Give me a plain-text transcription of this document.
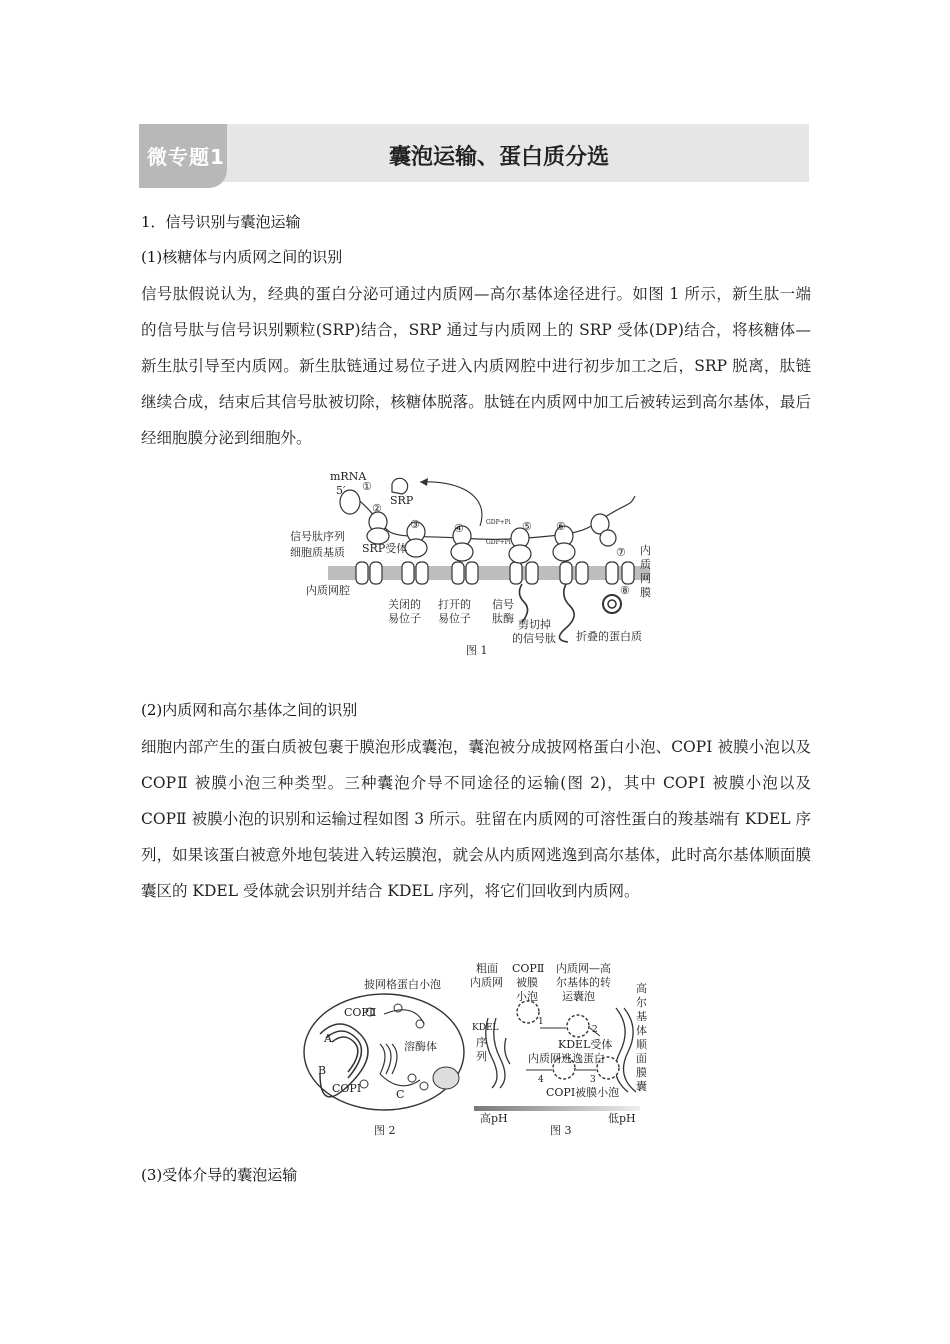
微专题1	囊泡运输、蛋白质分选
1．信号识别与囊泡运输
(1)核糖体与内质网之间的识别
信号肽假说认为，经典的蛋白分泌可通过内质网—高尔基体途径进行。如图 1 所示，新生肽一端的信号肽与信号识别颗粒(SRP)结合，SRP 通过与内质网上的 SRP 受体(DP)结合，将核糖体—新生肽引导至内质网。新生肽链通过易位子进入内质网腔中进行初步加工之后，SRP 脱离，肽链继续合成，结束后其信号肽被切除，核糖体脱落。肽链在内质网中加工后被转运到高尔基体，最后经细胞膜分泌到细胞外。
mRNA
5′
SRP
信号肽序列
细胞质基质 SRP受体
内质网腔
关闭的
易位子
打开的
易位子
信号
肽酶 剪切掉
的信号肽 折叠的蛋白质
内
质
网
膜
①
②
③	④	⑤ ⑥
⑦
⑧
图 1
GDP+Pi
GDP+Pi
(2)内质网和高尔基体之间的识别
细胞内部产生的蛋白质被包裹于膜泡形成囊泡，囊泡被分成披网格蛋白小泡、COPⅠ 被膜小泡以及 COPⅡ 被膜小泡三种类型。三种囊泡介导不同途径的运输(图 2)，其中 COPⅠ 被膜小泡以及 COPⅡ 被膜小泡的识别和运输过程如图 3 所示。驻留在内质网的可溶性蛋白的羧基端有 KDEL 序列，如果该蛋白被意外地包装进入转运膜泡，就会从内质网逃逸到高尔基体，此时高尔基体顺面膜囊区的 KDEL 受体就会识别并结合 KDEL 序列，将它们回收到内质网。
披网格蛋白小泡
COPⅡ
溶酶体
COPⅠ
A
B
C
图 2
粗面
内质网
COPⅡ
被膜
小泡
内质网—高
尔基体的转
运囊泡
KDEL受体
内质网逃逸蛋白
KDEL
序
列
高
尔
基
体
顺
面
膜
囊
COPⅠ被膜小泡
1
2
3
4
高pH	低pH
图 3
(3)受体介导的囊泡运输
